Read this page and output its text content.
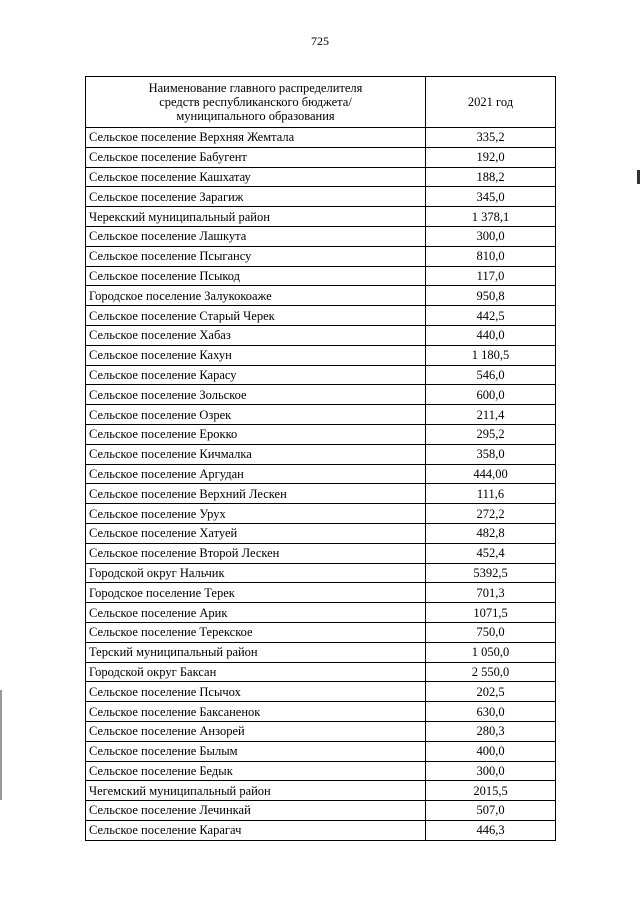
725
Наименование главного распределителя
средств республиканского бюджета/
муниципального образования	2021 год
Сельское поселение Верхняя Жемтала	335,2
Сельское поселение Бабугент	192,0
Сельское поселение Кашхатау	188,2
Сельское поселение Зарагиж	345,0
Черекский муниципальный район	1 378,1
Сельское поселение Лашкута	300,0
Сельское поселение Псыгансу	810,0
Сельское поселение Псыкод	117,0
Городское поселение Залукокоаже	950,8
Сельское поселение Старый Черек	442,5
Сельское поселение Хабаз	440,0
Сельское поселение Кахун	1 180,5
Сельское поселение Карасу	546,0
Сельское поселение Зольское	600,0
Сельское поселение Озрек	211,4
Сельское поселение Ерокко	295,2
Сельское поселение Кичмалка	358,0
Сельское поселение Аргудан	444,00
Сельское поселение Верхний Лескен	111,6
Сельское поселение Урух	272,2
Сельское поселение Хатуей	482,8
Сельское поселение Второй Лескен	452,4
Городской округ Нальчик	5392,5
Городское поселение Терек	701,3
Сельское поселение Арик	1071,5
Сельское поселение Терекское	750,0
Терский муниципальный район	1 050,0
Городской округ Баксан	2 550,0
Сельское поселение Псычох	202,5
Сельское поселение Баксаненок	630,0
Сельское поселение Анзорей	280,3
Сельское поселение Былым	400,0
Сельское поселение Бедык	300,0
Чегемский муниципальный район	2015,5
Сельское поселение Лечинкай	507,0
Сельское поселение Карагач	446,3
